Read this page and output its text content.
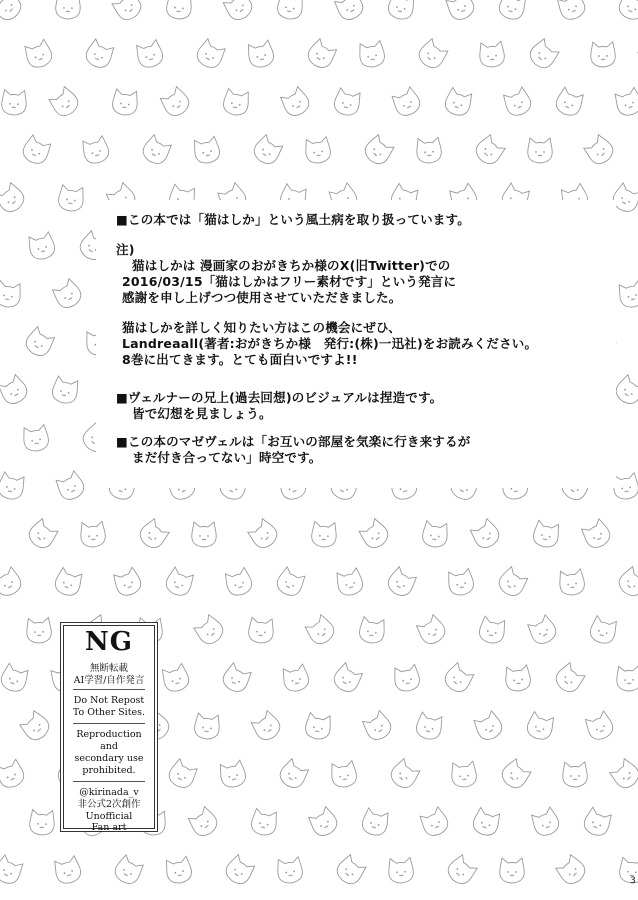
■この本では「猫はしか」という風土病を取り扱っています。
注)
猫はしかは 漫画家のおがきちか様のX(旧Twitter)での
2016/03/15「猫はしかはフリー素材です」という発言に
感謝を申し上げつつ使用させていただきました。
猫はしかを詳しく知りたい方はこの機会にぜひ、
Landreaall(著者:おがきちか様　発行:(株)一迅社)をお読みください。
8巻に出てきます。とても面白いですよ!!
■ヴェルナーの兄上(過去回想)のビジュアルは捏造です。
皆で幻想を見ましょう。
■この本のマゼヴェルは「お互いの部屋を気楽に行き来するが
まだ付き合ってない」時空です。
NG
無断転載
AI学習/自作発言
Do Not Repost
To Other Sites.
Reproduction
and
secondary use
prohibited.
@kirinada_v
非公式2次創作
Unofficial
Fan art
3
